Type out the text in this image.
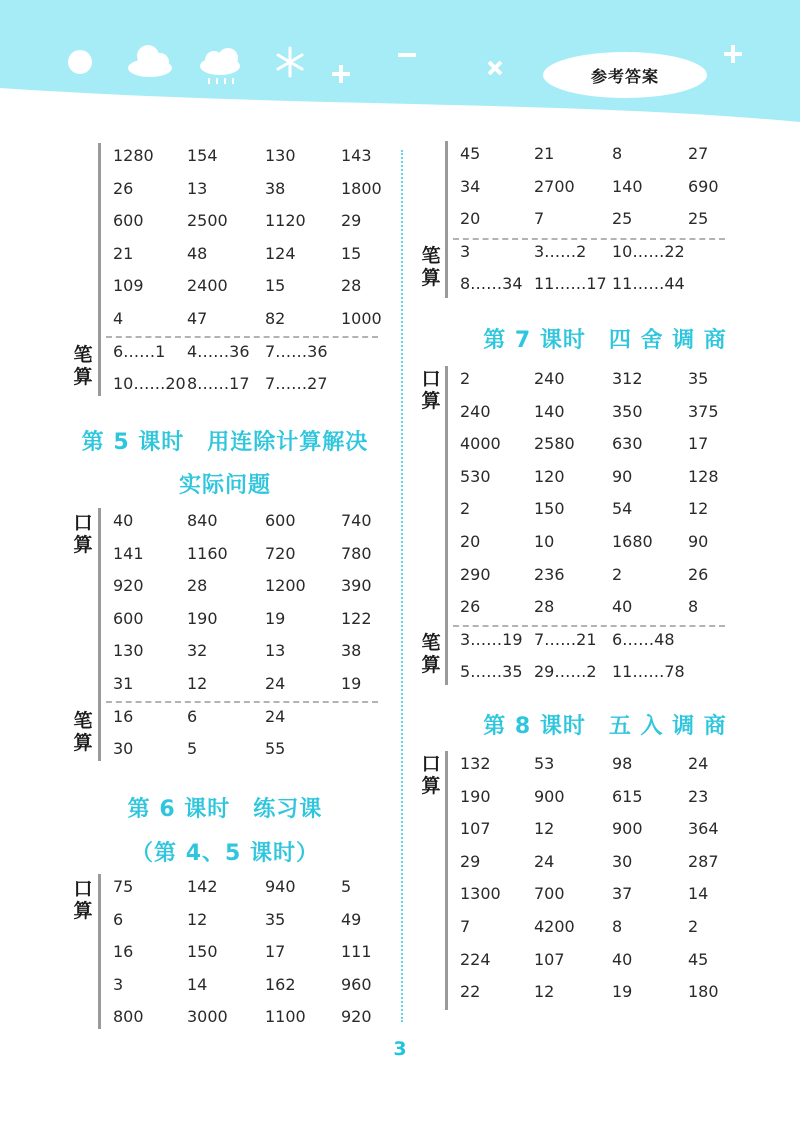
参考答案
笔
算
1280 154	130	143
26	13	38	1800
600	2500 1120 29
21	48	124	15
109	2400 15	28
4	47	82	1000
6……1 4……36 7……36
10……20 8……17 7……27
第 5 课时　用连除计算解决
实际问题
口
算
笔
算
40	840	600	740
141	1160 720	780
920	28	1200 390
600	190	19	122
130	32	13	38
31	12	24	19
16	6	24
30	5	55
第 6 课时　练习课
（第 4、5 课时）
口
算
75	142	940	5
6	12	35	49
16	150	17	111
3	14	162	960
800	3000 1100 920
笔
算
45	21	8	27
34	2700 140	690
20	7	25	25
3	3……2 10……22
8……34 11……17 11……44
第 7 课时　四 舍 调 商
口
算
笔
算
2	240	312	35
240	140	350	375
4000 2580 630	17
530	120	90	128
2	150	54	12
20	10	1680 90
290	236	2	26
26	28	40	8
3……19 7……21 6……48
5……35 29……2 11……78
第 8 课时　五 入 调 商
口
算
132	53	98	24
190	900	615	23
107	12	900	364
29	24	30	287
1300 700	37	14
7	4200 8	2
224	107	40	45
22	12	19	180
3
